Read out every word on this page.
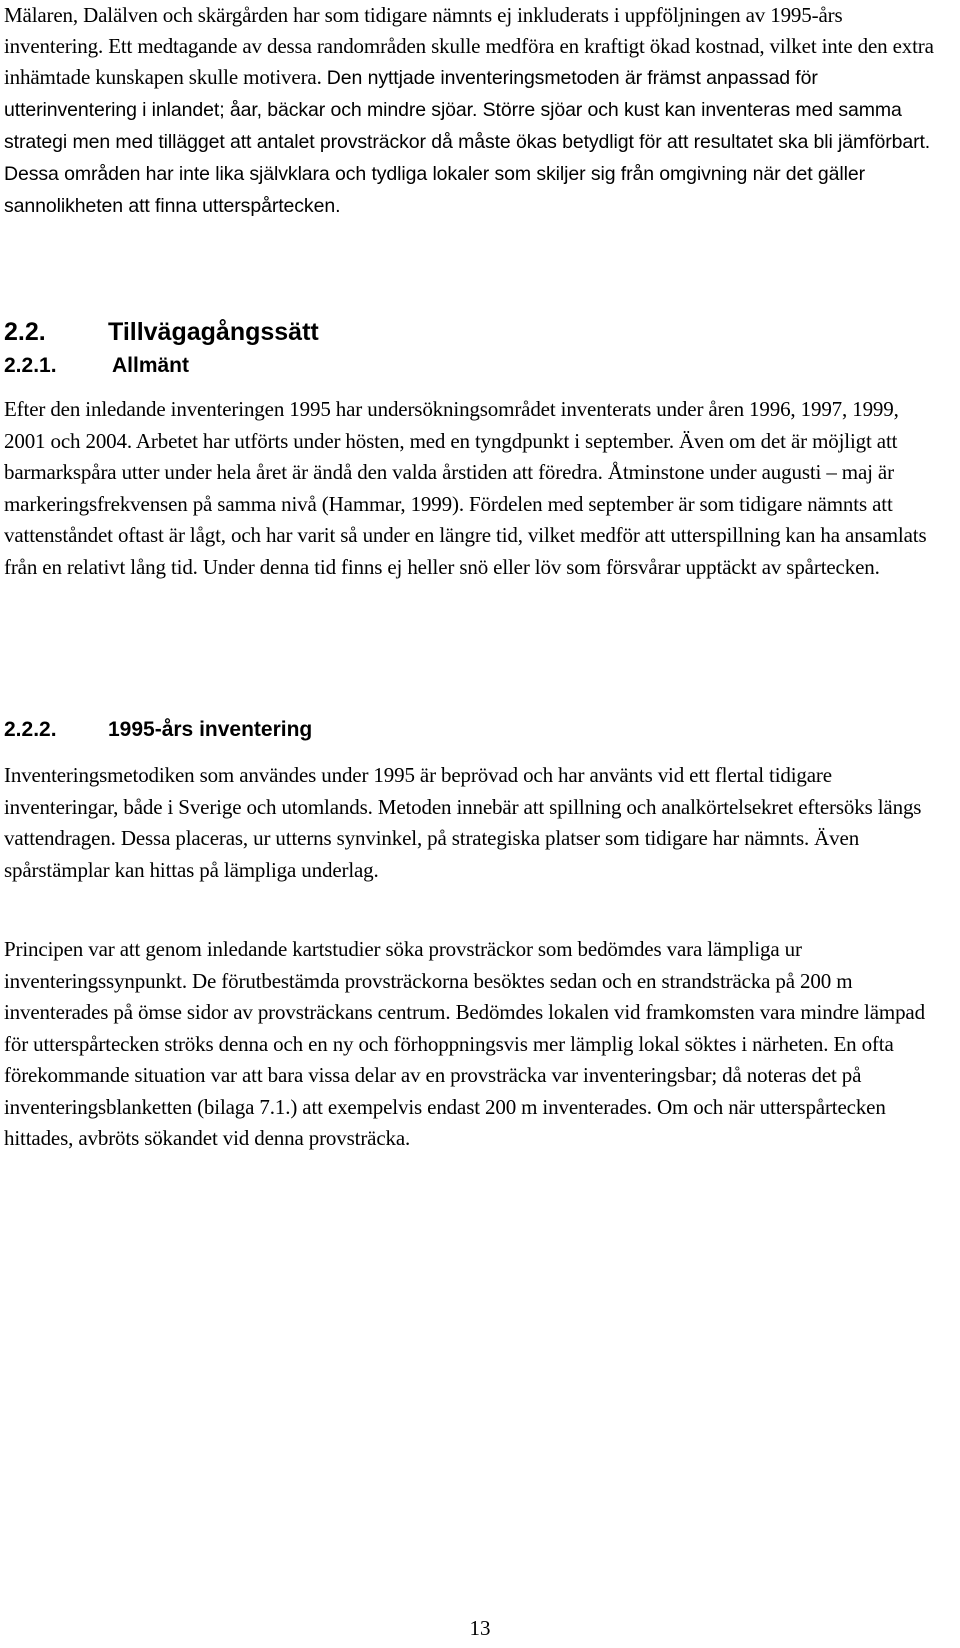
Mälaren, Dalälven och skärgården har som tidigare nämnts ej inkluderats i uppföljningen av 1995-års inventering. Ett medtagande av dessa randområden skulle medföra en kraftigt ökad kostnad, vilket inte den extra inhämtade kunskapen skulle motivera. Den nyttjade inventeringsmetoden är främst anpassad för utterinventering i inlandet; åar, bäckar och mindre sjöar. Större sjöar och kust kan inventeras med samma strategi men med tillägget att antalet provsträckor då måste ökas betydligt för att resultatet ska bli jämförbart. Dessa områden har inte lika självklara och tydliga lokaler som skiljer sig från omgivning när det gäller sannolikheten att finna utterspårtecken.

2.2. Tillvägagångssätt
2.2.1.	Allmänt

Efter den inledande inventeringen 1995 har undersökningsområdet inventerats under åren 1996, 1997, 1999, 2001 och 2004. Arbetet har utförts under hösten, med en tyngdpunkt i september. Även om det är möjligt att barmarkspåra utter under hela året är ändå den valda årstiden att föredra. Åtminstone under augusti – maj är markeringsfrekvensen på samma nivå (Hammar, 1999). Fördelen med september är som tidigare nämnts att vattenståndet oftast är lågt, och har varit så under en längre tid, vilket medför att utterspillning kan ha ansamlats från en relativt lång tid. Under denna tid finns ej heller snö eller löv som försvårar upptäckt av spårtecken.

2.2.2. 1995-års inventering

Inventeringsmetodiken som användes under 1995 är beprövad och har använts vid ett flertal tidigare inventeringar, både i Sverige och utomlands. Metoden innebär att spillning och analkörtelsekret eftersöks längs vattendragen. Dessa placeras, ur utterns synvinkel, på strategiska platser som tidigare har nämnts. Även spårstämplar kan hittas på lämpliga underlag.

Principen var att genom inledande kartstudier söka provsträckor som bedömdes vara lämpliga ur inventeringssynpunkt. De förutbestämda provsträckorna besöktes sedan och en strandsträcka på 200 m inventerades på ömse sidor av provsträckans centrum. Bedömdes lokalen vid framkomsten vara mindre lämpad för utterspårtecken ströks denna och en ny och förhoppningsvis mer lämplig lokal söktes i närheten. En ofta förekommande situation var att bara vissa delar av en provsträcka var inventeringsbar; då noteras det på inventeringsblanketten (bilaga 7.1.) att exempelvis endast 200 m inventerades. Om och när utterspårtecken hittades, avbröts sökandet vid denna provsträcka.

13
